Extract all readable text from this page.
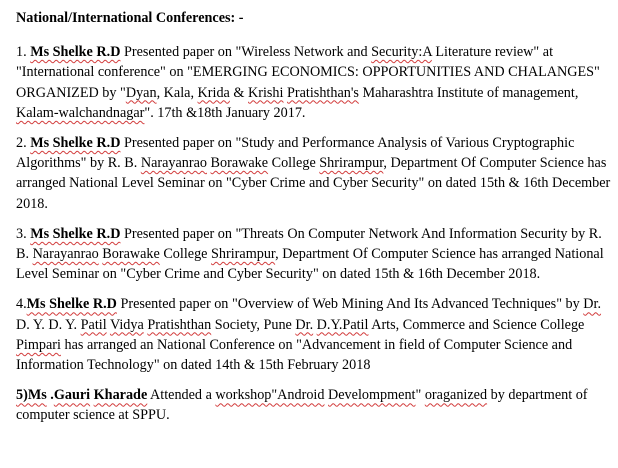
National/International Conferences: -

1. Ms Shelke R.D Presented paper on "Wireless Network and Security:A Literature review" at "International conference" on "EMERGING ECONOMICS: OPPORTUNITIES AND CHALANGES" ORGANIZED by "Dyan, Kala, Krida & Krishi Pratishthan's Maharashtra Institute of management, Kalam-walchandnagar". 17th &18th January 2017.

2. Ms Shelke R.D Presented paper on "Study and Performance Analysis of Various Cryptographic Algorithms" by R. B. Narayanrao Borawake College Shrirampur, Department Of Computer Science has arranged National Level Seminar on "Cyber Crime and Cyber Security" on dated 15th & 16th December 2018.

3. Ms Shelke R.D Presented paper on "Threats On Computer Network And Information Security by R. B. Narayanrao Borawake College Shrirampur, Department Of Computer Science has arranged National Level Seminar on "Cyber Crime and Cyber Security" on dated 15th & 16th December 2018.

4.Ms Shelke R.D Presented paper on "Overview of Web Mining And Its Advanced Techniques" by Dr. D. Y. D. Y. Patil Vidya Pratishthan Society, Pune Dr. D.Y.Patil Arts, Commerce and Science College Pimpari has arranged an National Conference on "Advancement in field of Computer Science and Information Technology" on dated 14th & 15th February 2018

5)Ms .Gauri Kharade Attended a workshop"Android Develompment" oraganized by department of computer science at SPPU.
